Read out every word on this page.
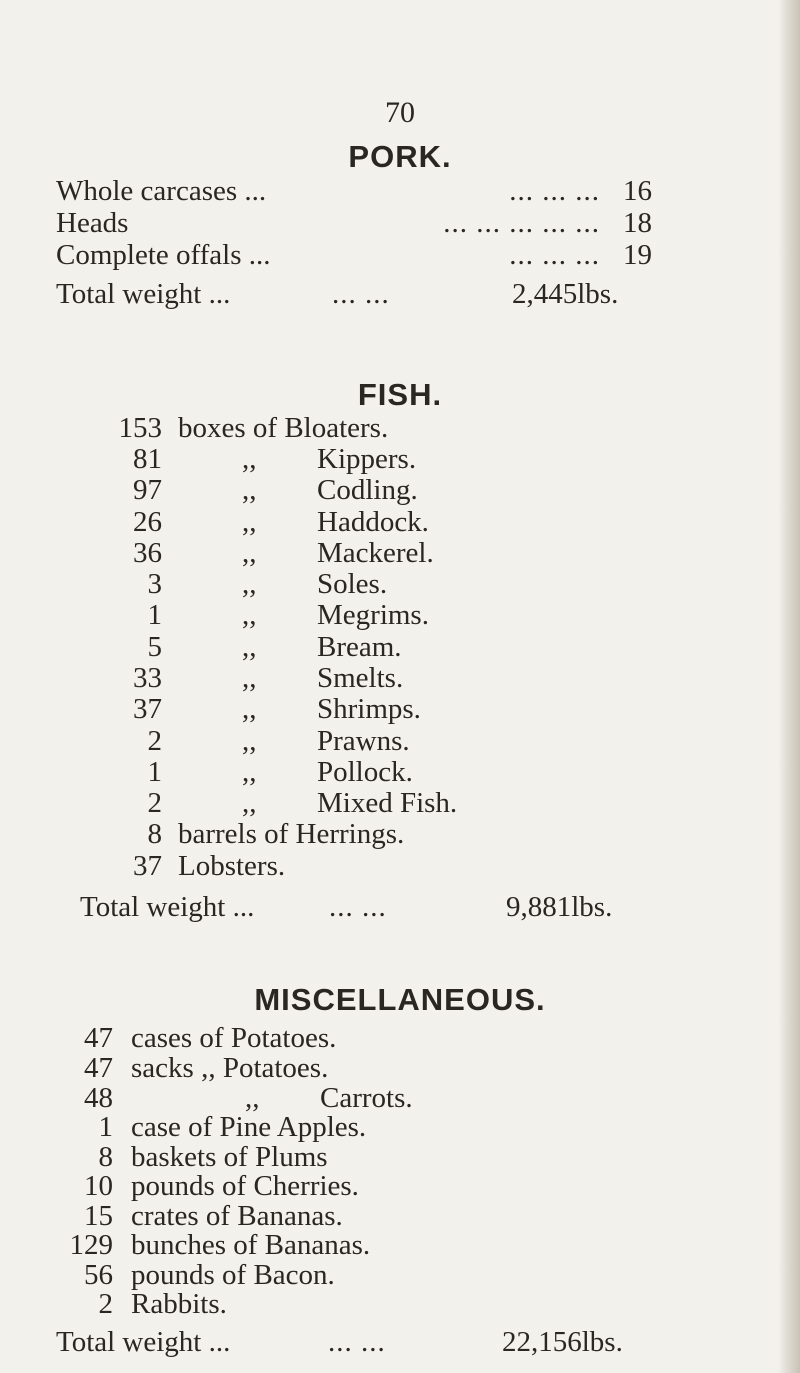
70
PORK.
Whole carcases ...	... ... ... 16
Heads	... ... ... ... ... 18
Complete offals ...	... ... ... 19
Total weight ...	... ...	2,445lbs.
FISH.
153 boxes of Bloaters.
81	,, Kippers.
97	,, Codling.
26	,, Haddock.
36	,, Mackerel.
3	,, Soles.
1	,, Megrims.
5	,, Bream.
33	,, Smelts.
37	,, Shrimps.
2	,, Prawns.
1	,, Pollock.
2	,, Mixed Fish.
8 barrels of Herrings.
37 Lobsters.
Total weight ...	... ...	9,881lbs.
MISCELLANEOUS.
47 cases of Potatoes.
47 sacks ,, Potatoes.
48	,, Carrots.
1 case of Pine Apples.
8 baskets of Plums
10 pounds of Cherries.
15 crates of Bananas.
129 bunches of Bananas.
56 pounds of Bacon.
2 Rabbits.
Total weight ...	... ...	22,156lbs.
